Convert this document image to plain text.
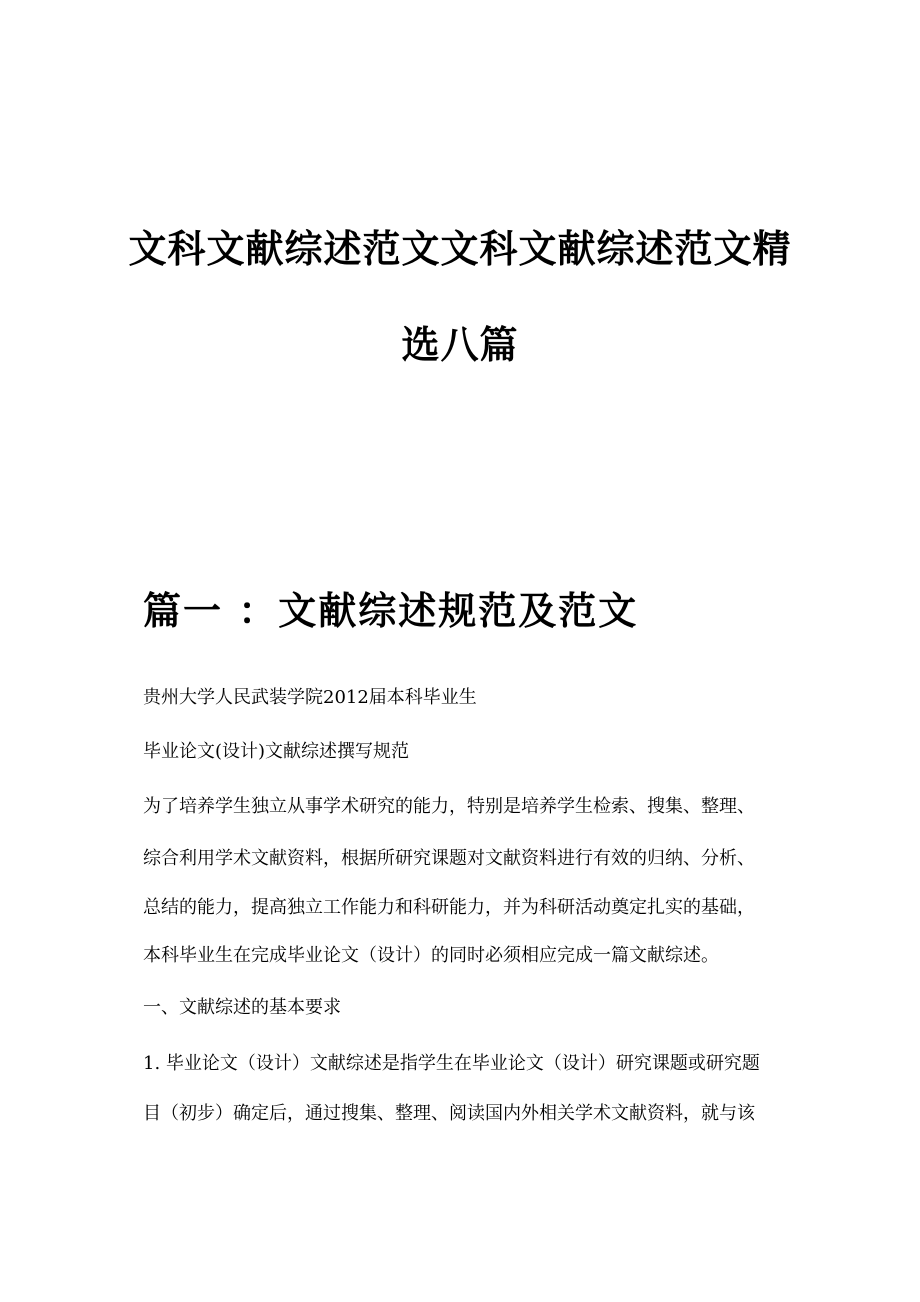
文科文献综述范文文科文献综述范文精
选八篇
篇一 ：文献综述规范及范文
贵州大学人民武装学院2012届本科毕业生
毕业论文(设计)文献综述撰写规范
为了培养学生独立从事学术研究的能力，特别是培养学生检索、搜集、整理、
综合利用学术文献资料，根据所研究课题对文献资料进行有效的归纳、分析、
总结的能力，提高独立工作能力和科研能力，并为科研活动奠定扎实的基础，
本科毕业生在完成毕业论文（设计）的同时必须相应完成一篇文献综述。
一、文献综述的基本要求
1. 毕业论文（设计）文献综述是指学生在毕业论文（设计）研究课题或研究题
目（初步）确定后，通过搜集、整理、阅读国内外相关学术文献资料，就与该
